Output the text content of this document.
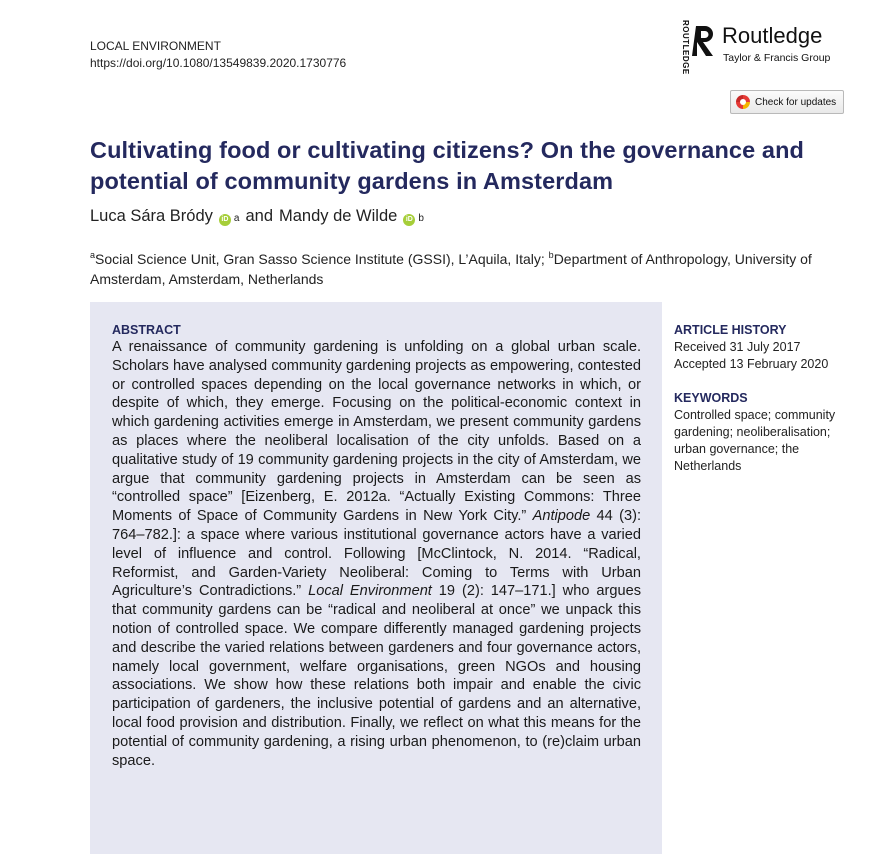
LOCAL ENVIRONMENT
https://doi.org/10.1080/13549839.2020.1730776	ROUTLEDGE Routledge
Taylor & Francis Group
Check for updates
Cultivating food or cultivating citizens? On the governance and potential of community gardens in Amsterdam
Luca Sára Bródy	iD a and Mandy de Wilde	iD b
$^a$Social Science Unit, Gran Sasso Science Institute (GSSI), L’Aquila, Italy; $^b$Department of Anthropology, University of Amsterdam, Amsterdam, Netherlands
ABSTRACT
A renaissance of community gardening is unfolding on a global urban scale. Scholars have analysed community gardening projects as empowering, contested or controlled spaces depending on the local governance networks in which, or despite of which, they emerge. Focusing on the political-economic context in which gardening activities emerge in Amsterdam, we present community gardens as places where the neoliberal localisation of the city unfolds. Based on a qualitative study of 19 community gardening projects in the city of Amsterdam, we argue that community gardening projects in Amsterdam can be seen as “controlled space” [Eizenberg, E. 2012a. “Actually Existing Commons: Three Moments of Space of Community Gardens in New York City.” Antipode 44 (3): 764–782.]: a space where various institutional governance actors have a varied level of influence and control. Following [McClintock, N. 2014. “Radical, Reformist, and Garden-Variety Neoliberal: Coming to Terms with Urban Agriculture’s Contradictions.” Local Environment 19 (2): 147–171.] who argues that community gardens can be “radical and neoliberal at once” we unpack this notion of controlled space. We compare differently managed gardening projects and describe the varied relations between gardeners and four governance actors, namely local government, welfare organisations, green NGOs and housing associations. We show how these relations both impair and enable the civic participation of gardeners, the inclusive potential of gardens and an alternative, local food provision and distribution. Finally, we reflect on what this means for the potential of community gardening, a rising urban phenomenon, to (re)claim urban space.
ARTICLE HISTORY

Received 31 July 2017

Accepted 13 February 2020

KEYWORDS

Controlled space; community gardening; neoliberalisation; urban governance; the Netherlands
